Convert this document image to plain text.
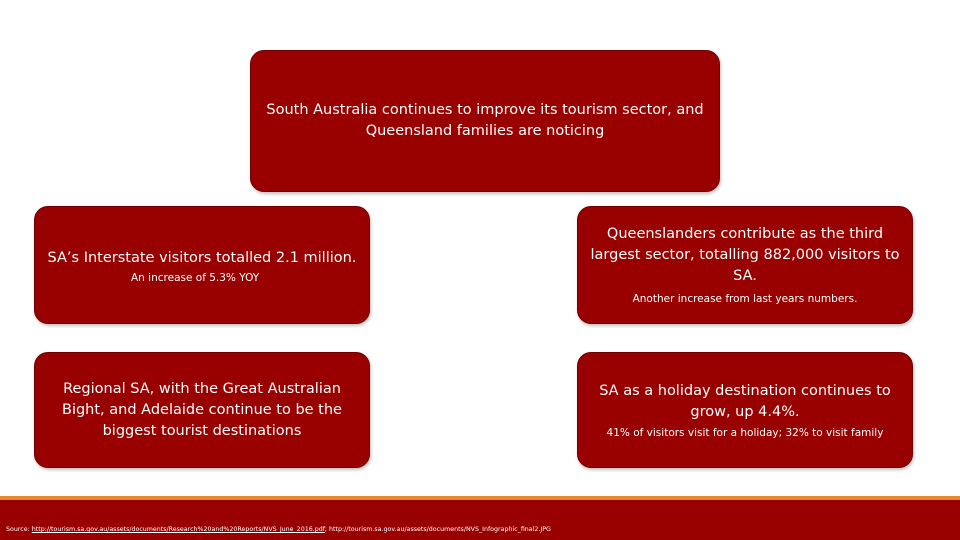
South Australia continues to improve its tourism sector, and Queensland families are noticing
SA’s Interstate visitors totalled 2.1 million.
An increase of 5.3% YOY
Queenslanders contribute as the third largest sector, totalling 882,000 visitors to SA.
Another increase from last years numbers.
Regional SA, with the Great Australian Bight, and Adelaide continue to be the biggest tourist destinations
SA as a holiday destination continues to grow, up 4.4%.
41% of visitors visit for a holiday; 32% to visit family
Source: http://tourism.sa.gov.au/assets/documents/Research%20and%20Reports/NVS_June_2016.pdf; http://tourism.sa.gov.au/assets/documents/NVS_Infographic_final2.JPG
